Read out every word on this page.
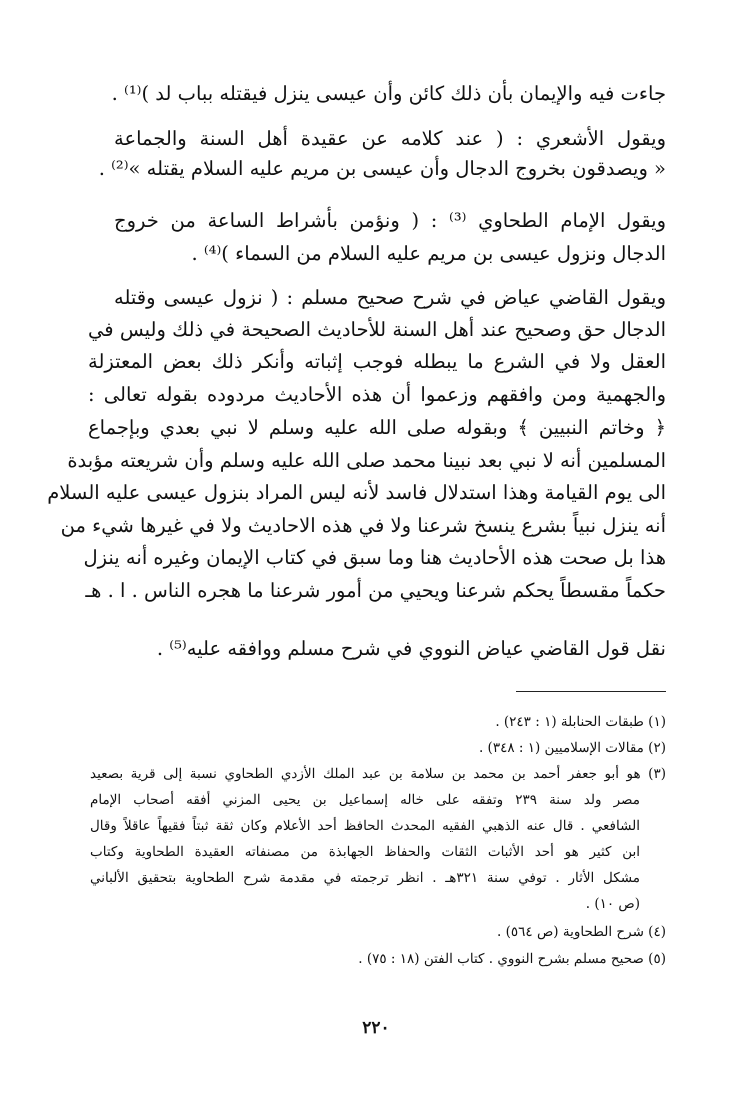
جاءت فيه والإيمان بأن ذلك كائن وأن عيسى ينزل فيقتله بباب لد )⁽¹⁾ .
ويقول الأشعري : ( عند كلامه عن عقيدة أهل السنة والجماعة
« ويصدقون بخروج الدجال وأن عيسى بن مريم عليه السلام يقتله »⁽²⁾ .
ويقول الإمام الطحاوي ⁽³⁾ : ( ونؤمن بأشراط الساعة من خروج
الدجال ونزول عيسى بن مريم عليه السلام من السماء )⁽⁴⁾ .
ويقول القاضي عياض في شرح صحيح مسلم : ( نزول عيسى وقتله
الدجال حق وصحيح عند أهل السنة للأحاديث الصحيحة في ذلك وليس في
العقل ولا في الشرع ما يبطله فوجب إثباته وأنكر ذلك بعض المعتزلة
والجهمية ومن وافقهم وزعموا أن هذه الأحاديث مردوده بقوله تعالى :
﴿ وخاتم النبيين ﴾ وبقوله صلى الله عليه وسلم لا نبي بعدي وبإجماع
المسلمين أنه لا نبي بعد نبينا محمد صلى الله عليه وسلم وأن شريعته مؤبدة
الى يوم القيامة وهذا استدلال فاسد لأنه ليس المراد بنزول عيسى عليه السلام
أنه ينزل نبياً بشرع ينسخ شرعنا ولا في هذه الاحاديث ولا في غيرها شيء من
هذا بل صحت هذه الأحاديث هنا وما سبق في كتاب الإيمان وغيره أنه ينزل
حكماً مقسطاً يحكم شرعنا ويحيي من أمور شرعنا ما هجره الناس . ا . هـ
نقل قول القاضي عياض النووي في شرح مسلم ووافقه عليه⁽⁵⁾ .
(١) طبقات الحنابلة (١ : ٢٤٣) .
(٢) مقالات الإسلاميين (١ : ٣٤٨) .
(٣) هو أبو جعفر أحمد بن محمد بن سلامة بن عبد الملك الأزدي الطحاوي نسبة إلى قرية بصعيد
مصر ولد سنة ٢٣٩ وتفقه على خاله إسماعيل بن يحيى المزني أفقه أصحاب الإمام
الشافعي . قال عنه الذهبي الفقيه المحدث الحافظ أحد الأعلام وكان ثقة ثبتاً فقيهاً عاقلاً وقال
ابن كثير هو أحد الأثبات الثقات والحفاظ الجهابذة من مصنفاته العقيدة الطحاوية وكتاب
مشكل الأثار . توفي سنة ٣٢١هـ . انظر ترجمته في مقدمة شرح الطحاوية بتحقيق الألباني
(ص ١٠) .
(٤) شرح الطحاوية (ص ٥٦٤) .
(٥) صحيح مسلم بشرح النووي . كتاب الفتن (١٨ : ٧٥) .
٢٢٠
